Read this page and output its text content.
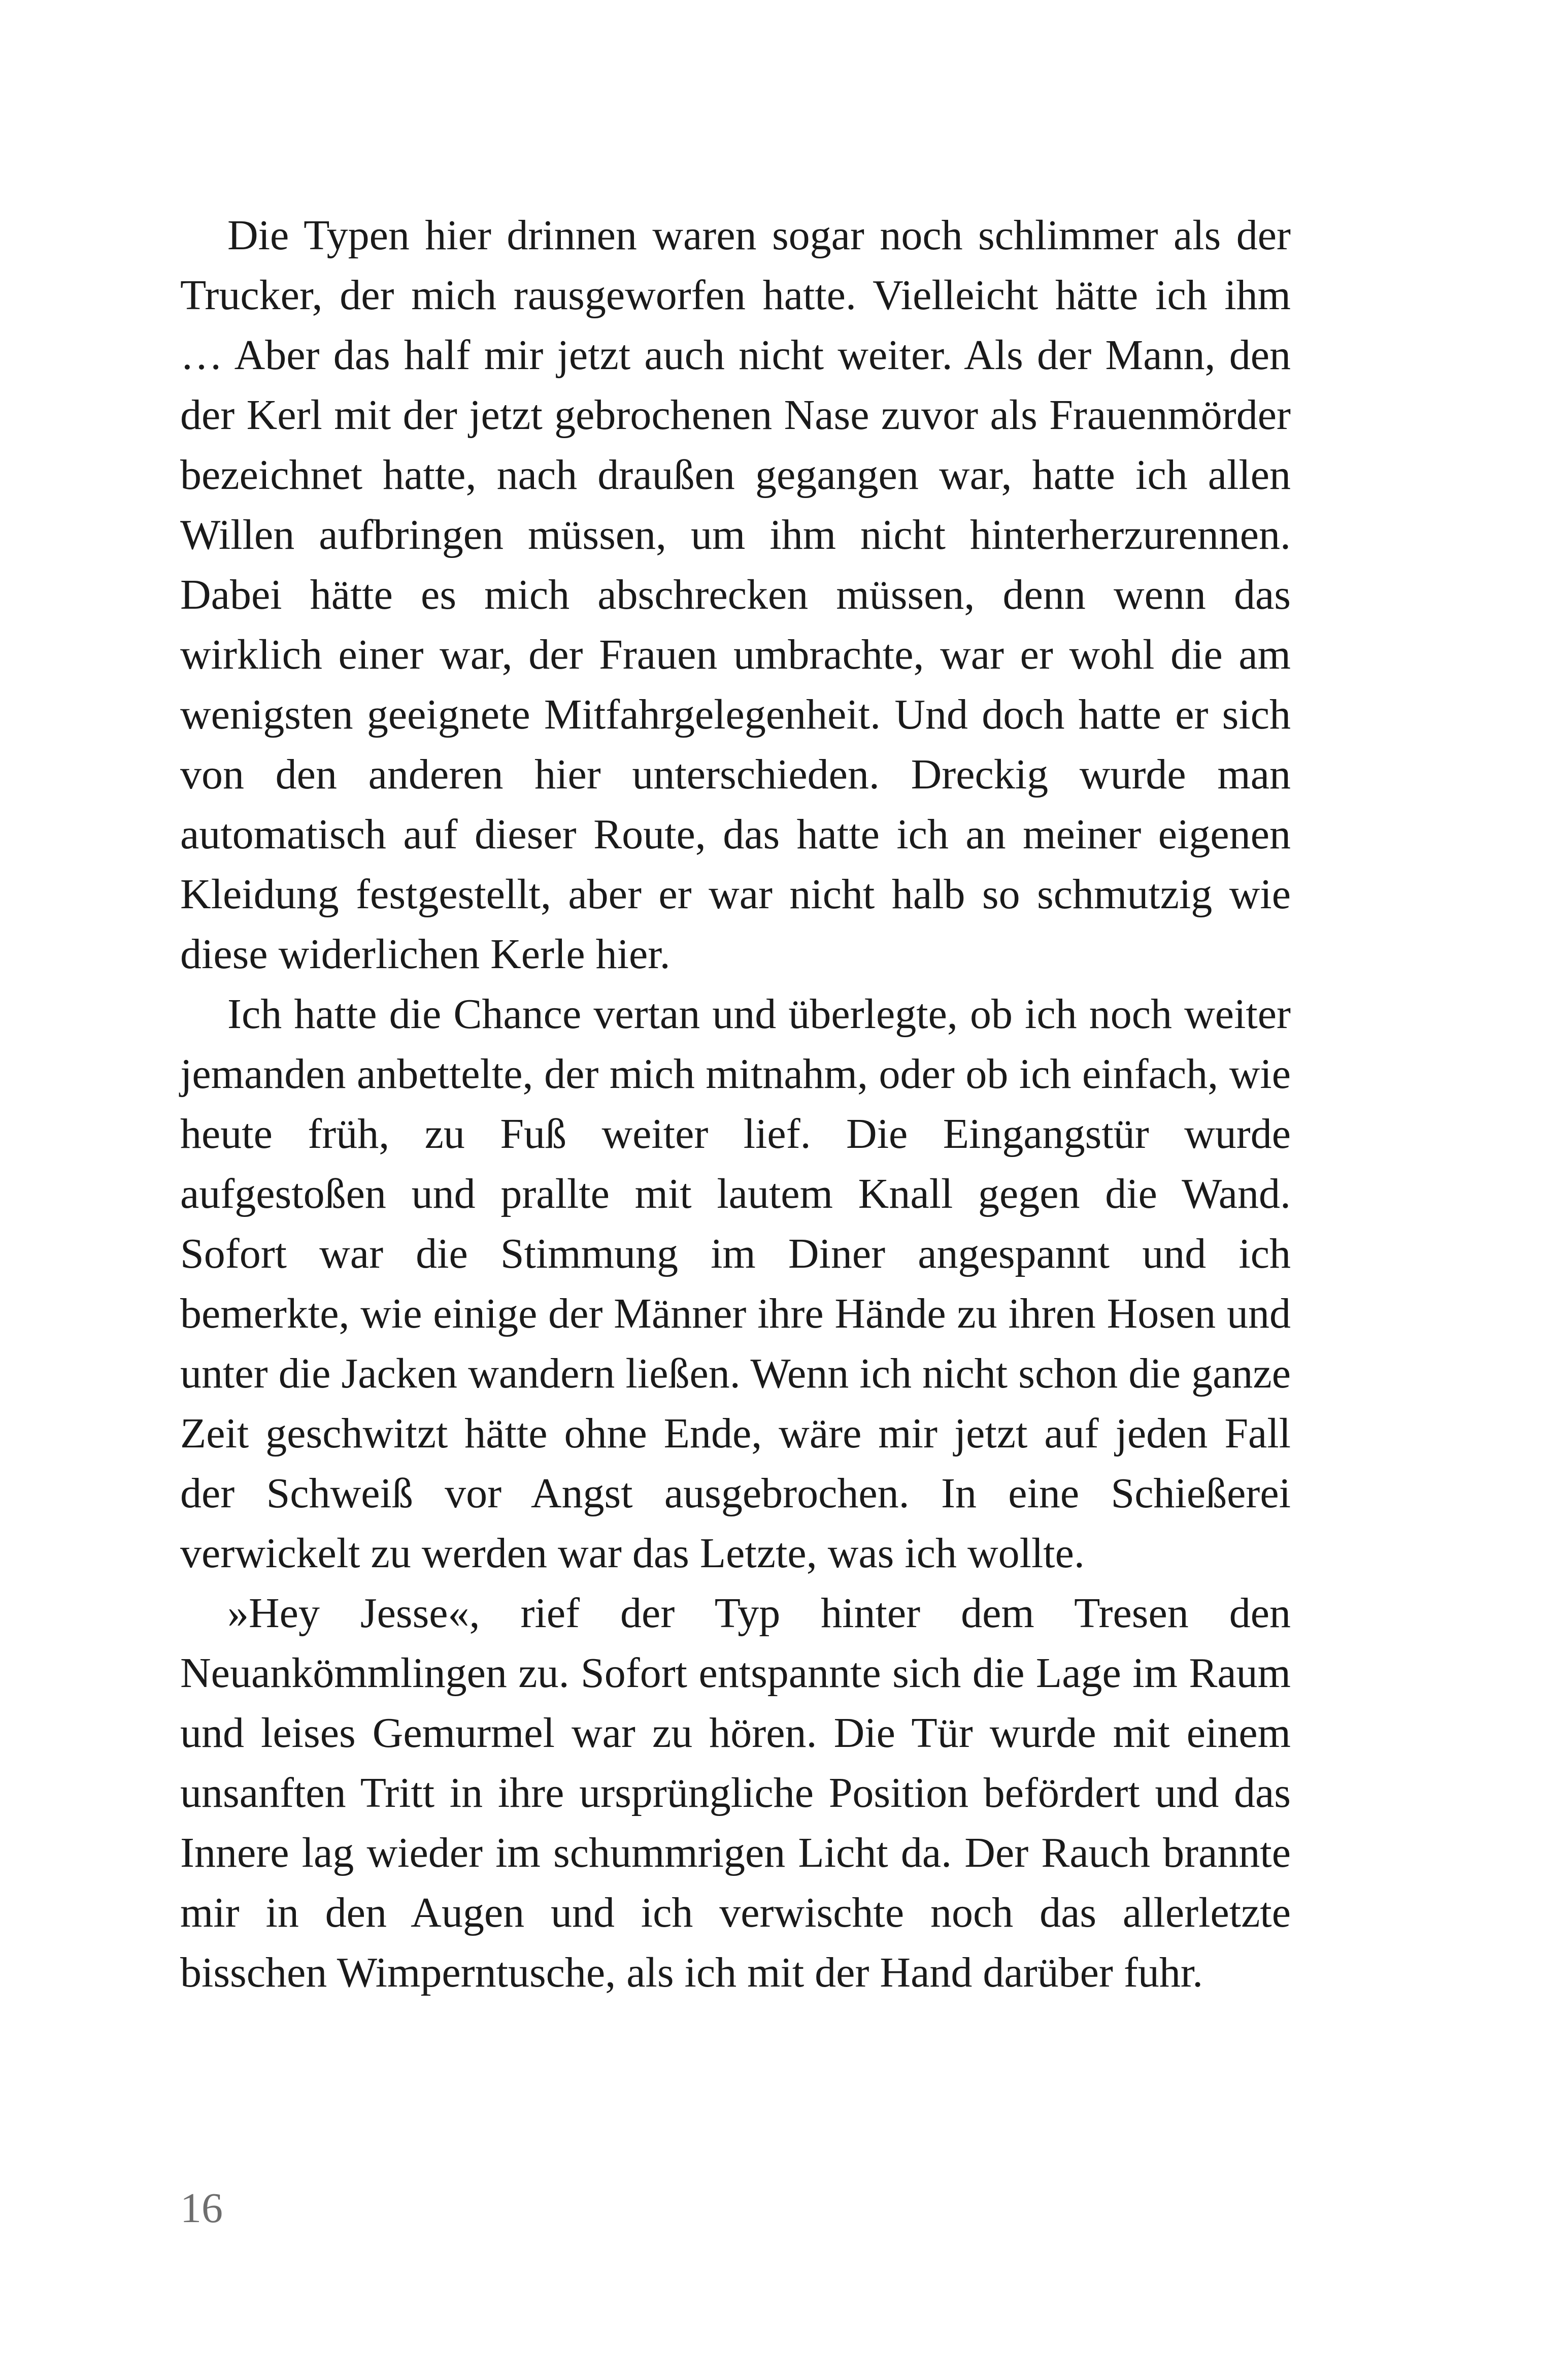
Die Typen hier drinnen waren sogar noch schlimmer als der Trucker, der mich rausgeworfen hatte. Vielleicht hätte ich ihm … Aber das half mir jetzt auch nicht weiter. Als der Mann, den der Kerl mit der jetzt gebrochenen Nase zuvor als Frauenmörder bezeichnet hatte, nach draußen gegangen war, hatte ich allen Willen aufbringen müssen, um ihm nicht hinterherzurennen. Dabei hätte es mich abschrecken müssen, denn wenn das wirklich einer war, der Frauen umbrachte, war er wohl die am wenigsten geeignete Mitfahrgelegenheit. Und doch hatte er sich von den anderen hier unterschieden. Dreckig wurde man automatisch auf dieser Route, das hatte ich an meiner eigenen Kleidung festgestellt, aber er war nicht halb so schmutzig wie diese widerlichen Kerle hier.

Ich hatte die Chance vertan und überlegte, ob ich noch weiter jemanden anbettelte, der mich mitnahm, oder ob ich einfach, wie heute früh, zu Fuß weiter lief. Die Eingangstür wurde aufgestoßen und prallte mit lautem Knall gegen die Wand. Sofort war die Stimmung im Diner angespannt und ich bemerkte, wie einige der Männer ihre Hände zu ihren Hosen und unter die Jacken wandern ließen. Wenn ich nicht schon die ganze Zeit geschwitzt hätte ohne Ende, wäre mir jetzt auf jeden Fall der Schweiß vor Angst ausgebrochen. In eine Schießerei verwickelt zu werden war das Letzte, was ich wollte.

»Hey Jesse«, rief der Typ hinter dem Tresen den Neuankömmlingen zu. Sofort entspannte sich die Lage im Raum und leises Gemurmel war zu hören. Die Tür wurde mit einem unsanften Tritt in ihre ursprüngliche Position befördert und das Innere lag wieder im schummrigen Licht da. Der Rauch brannte mir in den Augen und ich verwischte noch das allerletzte bisschen Wimperntusche, als ich mit der Hand darüber fuhr.

16
